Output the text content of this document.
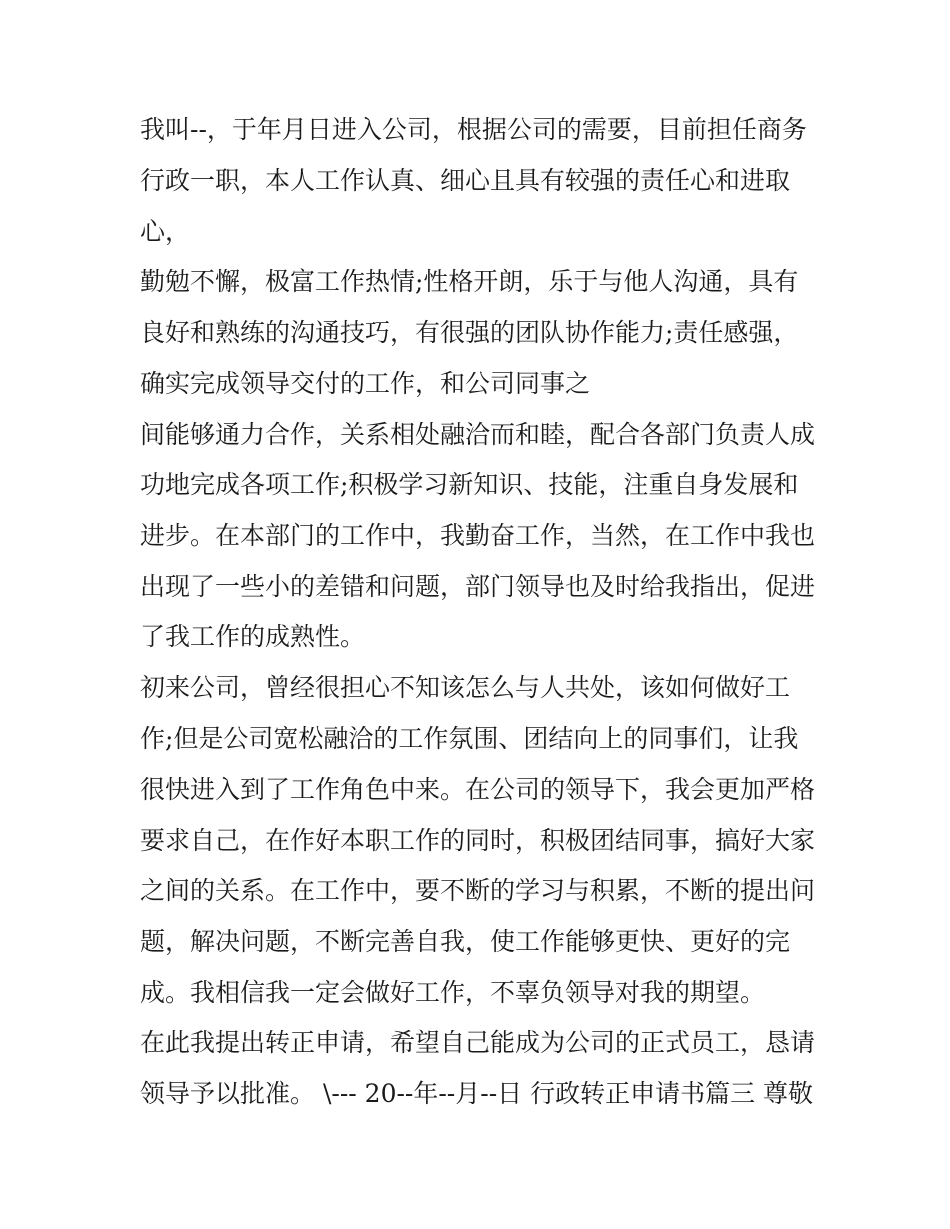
我叫--，于年月日进入公司，根据公司的需要，目前担任商务
行政一职，本人工作认真、细心且具有较强的责任心和进取
心，
勤勉不懈，极富工作热情;性格开朗，乐于与他人沟通，具有
良好和熟练的沟通技巧，有很强的团队协作能力;责任感强，
确实完成领导交付的工作，和公司同事之
间能够通力合作，关系相处融洽而和睦，配合各部门负责人成
功地完成各项工作;积极学习新知识、技能，注重自身发展和
进步。在本部门的工作中，我勤奋工作，当然，在工作中我也
出现了一些小的差错和问题，部门领导也及时给我指出，促进
了我工作的成熟性。
初来公司，曾经很担心不知该怎么与人共处，该如何做好工
作;但是公司宽松融洽的工作氛围、团结向上的同事们，让我
很快进入到了工作角色中来。在公司的领导下，我会更加严格
要求自己，在作好本职工作的同时，积极团结同事，搞好大家
之间的关系。在工作中，要不断的学习与积累，不断的提出问
题，解决问题，不断完善自我，使工作能够更快、更好的完
成。我相信我一定会做好工作，不辜负领导对我的期望。
在此我提出转正申请，希望自己能成为公司的正式员工，恳请
领导予以批准。 \--- 20--年--月--日 行政转正申请书篇三 尊敬
